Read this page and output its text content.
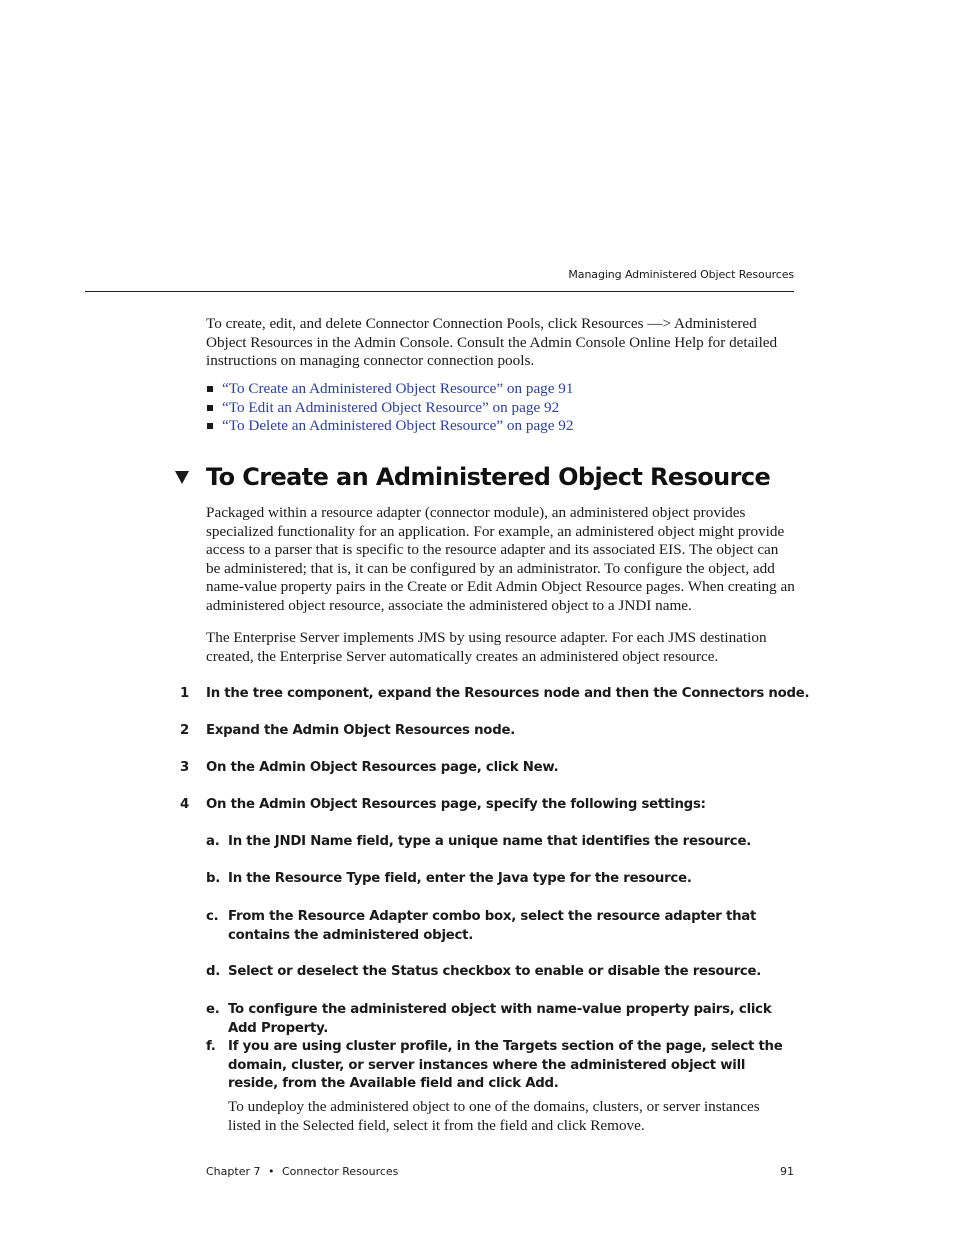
Managing Administered Object Resources

To create, edit, and delete Connector Connection Pools, click Resources —> Administered Object Resources in the Admin Console. Consult the Admin Console Online Help for detailed instructions on managing connector connection pools.

“To Create an Administered Object Resource” on page 91
“To Edit an Administered Object Resource” on page 92
“To Delete an Administered Object Resource” on page 92
To Create an Administered Object Resource

Packaged within a resource adapter (connector module), an administered object provides specialized functionality for an application. For example, an administered object might provide access to a parser that is specific to the resource adapter and its associated EIS. The object can be administered; that is, it can be configured by an administrator. To configure the object, add name-value property pairs in the Create or Edit Admin Object Resource pages. When creating an administered object resource, associate the administered object to a JNDI name.

The Enterprise Server implements JMS by using resource adapter. For each JMS destination created, the Enterprise Server automatically creates an administered object resource.

1	In the tree component, expand the Resources node and then the Connectors node.
2	Expand the Admin Object Resources node.
3	On the Admin Object Resources page, click New.
4	On the Admin Object Resources page, specify the following settings:
a. In the JNDI Name field, type a unique name that identifies the resource.
b. In the Resource Type field, enter the Java type for the resource.
c. From the Resource Adapter combo box, select the resource adapter that contains the administered object.
d. Select or deselect the Status checkbox to enable or disable the resource.
e. To configure the administered object with name-value property pairs, click Add Property.
f. If you are using cluster profile, in the Targets section of the page, select the domain, cluster, or server instances where the administered object will reside, from the Available field and click Add.

To undeploy the administered object to one of the domains, clusters, or server instances listed in the Selected field, select it from the field and click Remove.

Chapter 7 • Connector Resources	91
